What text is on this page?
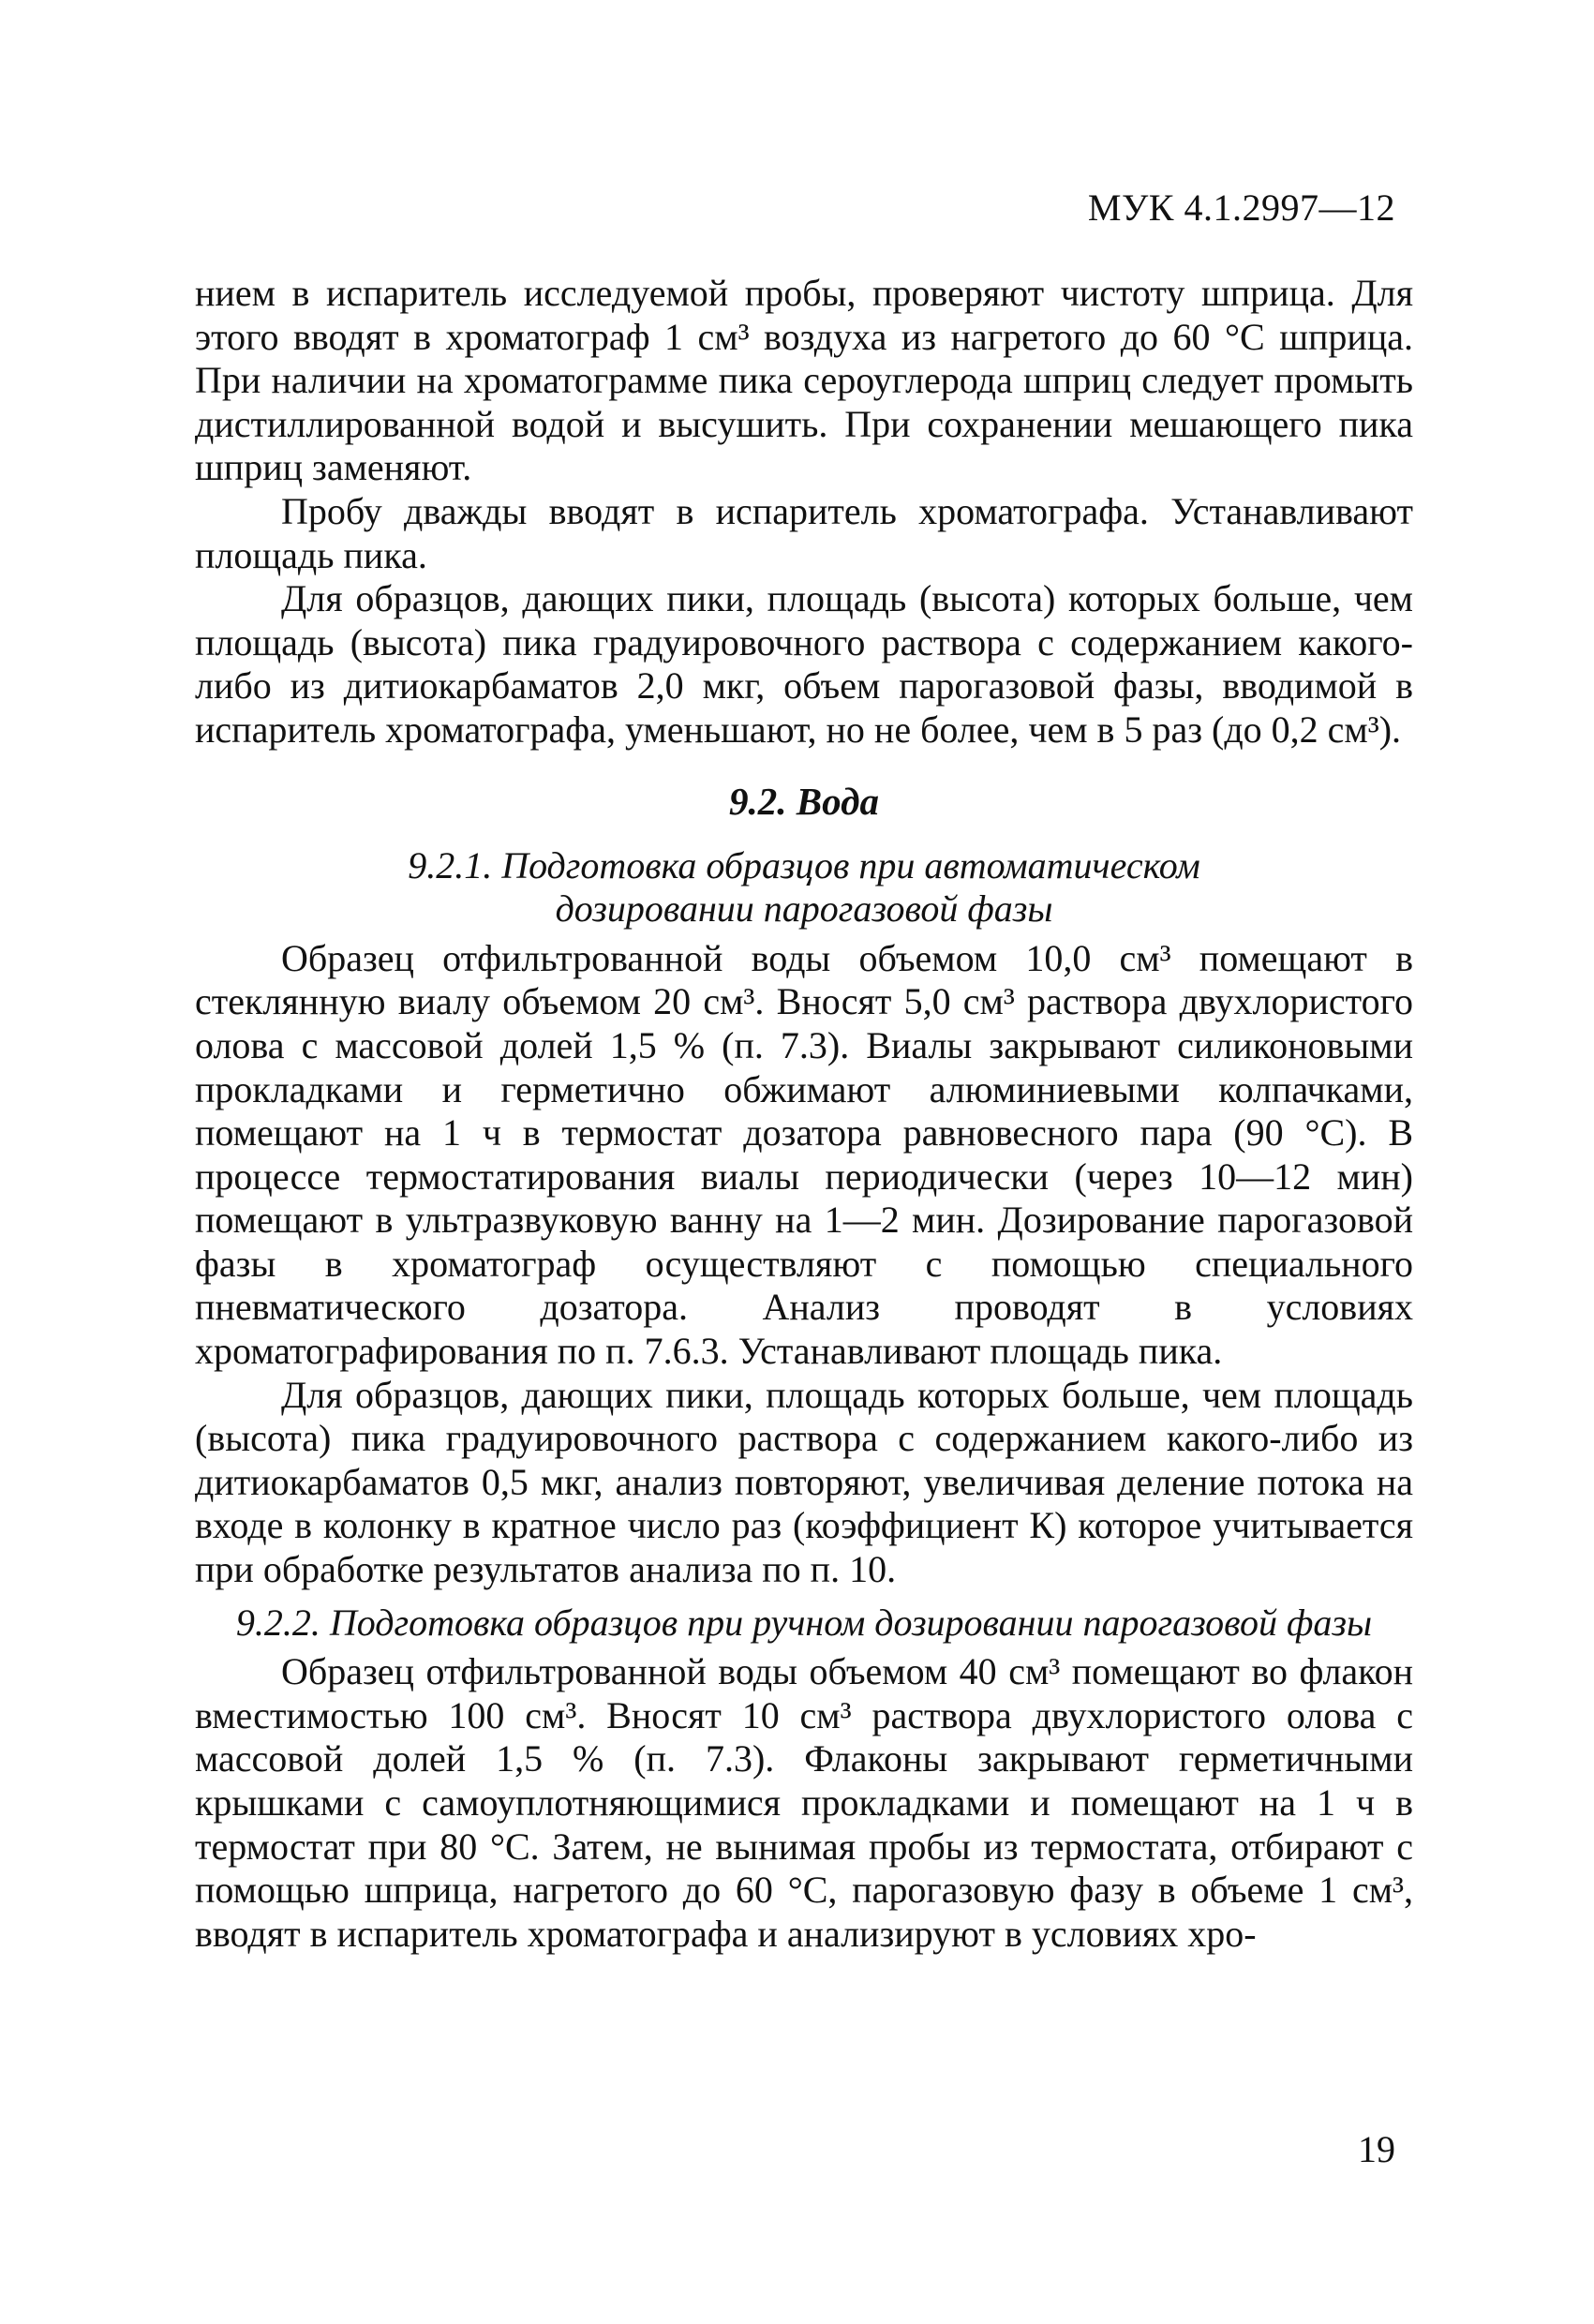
МУК 4.1.2997—12

нием в испаритель исследуемой пробы, проверяют чистоту шприца. Для этого вводят в хроматограф 1 см³ воздуха из нагретого до 60 °С шприца. При наличии на хроматограмме пика сероуглерода шприц следует промыть дистиллированной водой и высушить. При сохранении мешающего пика шприц заменяют.

Пробу дважды вводят в испаритель хроматографа. Устанавливают площадь пика.

Для образцов, дающих пики, площадь (высота) которых больше, чем площадь (высота) пика градуировочного раствора с содержанием какого-либо из дитиокарбаматов 2,0 мкг, объем парогазовой фазы, вводимой в испаритель хроматографа, уменьшают, но не более, чем в 5 раз (до 0,2 см³).

9.2. Вода

9.2.1. Подготовка образцов при автоматическом
дозировании парогазовой фазы

Образец отфильтрованной воды объемом 10,0 см³ помещают в стеклянную виалу объемом 20 см³. Вносят 5,0 см³ раствора двухлористого олова с массовой долей 1,5 % (п. 7.3). Виалы закрывают силиконовыми прокладками и герметично обжимают алюминиевыми колпачками, помещают на 1 ч в термостат дозатора равновесного пара (90 °С). В процессе термостатирования виалы периодически (через 10—12 мин) помещают в ультразвуковую ванну на 1—2 мин. Дозирование парогазовой фазы в хроматограф осуществляют с помощью специального пневматического дозатора. Анализ проводят в условиях хроматографирования по п. 7.6.3. Устанавливают площадь пика.

Для образцов, дающих пики, площадь которых больше, чем площадь (высота) пика градуировочного раствора с содержанием какого-либо из дитиокарбаматов 0,5 мкг, анализ повторяют, увеличивая деление потока на входе в колонку в кратное число раз (коэффициент К) которое учитывается при обработке результатов анализа по п. 10.

9.2.2. Подготовка образцов при ручном дозировании парогазовой фазы

Образец отфильтрованной воды объемом 40 см³ помещают во флакон вместимостью 100 см³. Вносят 10 см³ раствора двухлористого олова с массовой долей 1,5 % (п. 7.3). Флаконы закрывают герметичными крышками с самоуплотняющимися прокладками и помещают на 1 ч в термостат при 80 °С. Затем, не вынимая пробы из термостата, отбирают с помощью шприца, нагретого до 60 °С, парогазовую фазу в объеме 1 см³, вводят в испаритель хроматографа и анализируют в условиях хро-

19
